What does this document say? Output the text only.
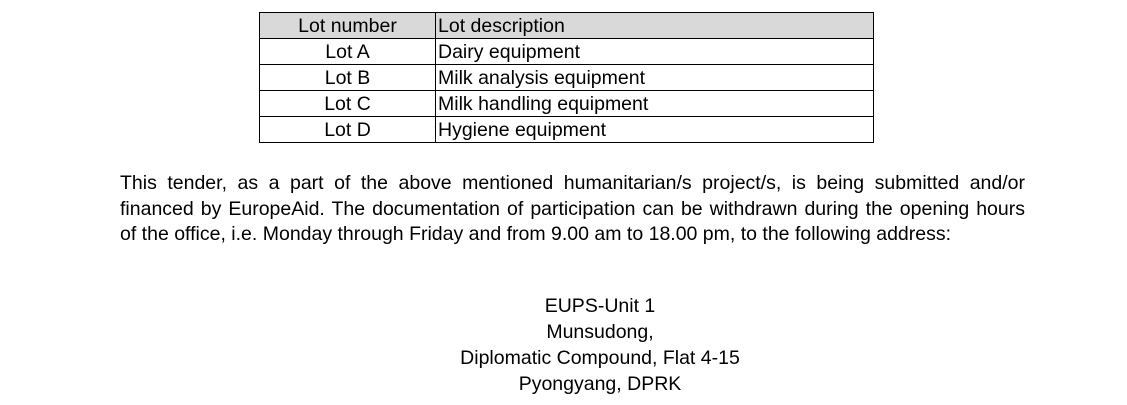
Lot number	Lot description
Lot A	Dairy equipment
Lot B	Milk analysis equipment
Lot C	Milk handling equipment
Lot D	Hygiene equipment

This tender, as a part of the above mentioned humanitarian/s project/s, is being submitted and/or financed by EuropeAid. The documentation of participation can be withdrawn during the opening hours of the office, i.e. Monday through Friday and from 9.00 am to 18.00 pm, to the following address:

EUPS-Unit 1
Munsudong,
Diplomatic Compound, Flat 4-15
Pyongyang, DPRK
